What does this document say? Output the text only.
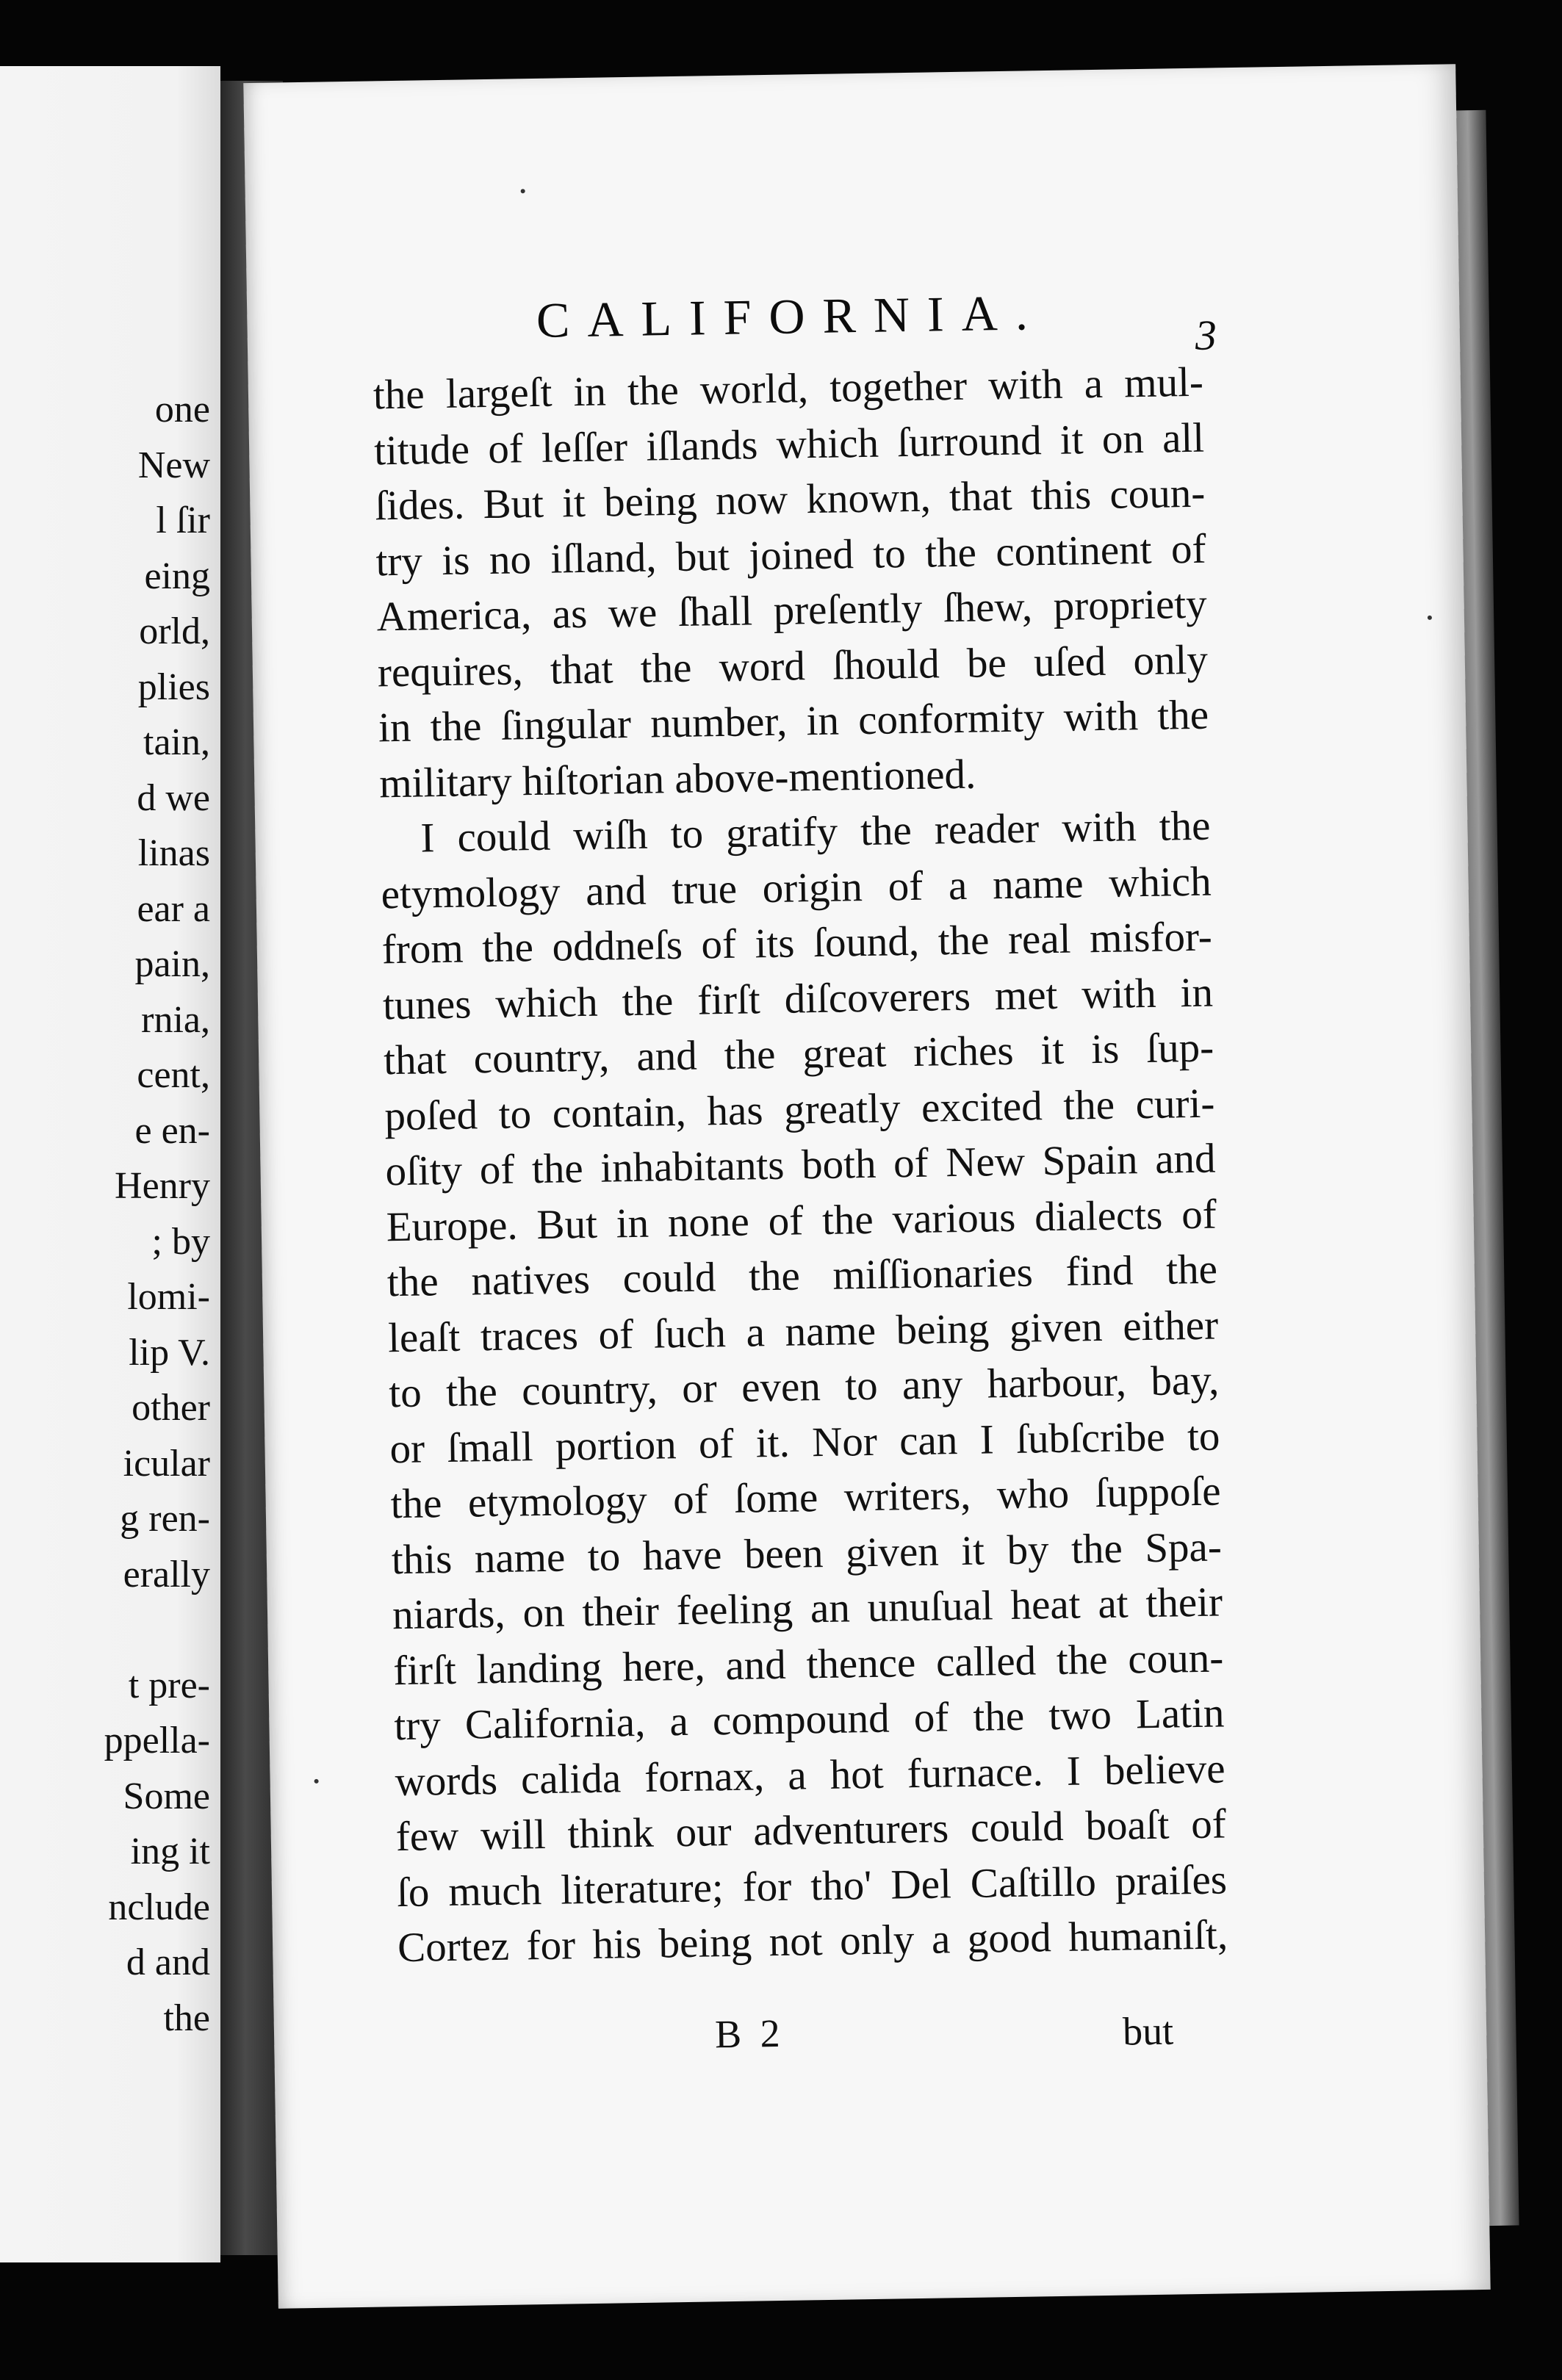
one
New
l ſir
eing
orld,
plies
tain,
d we
linas
ear a
pain,
rnia,
cent,
e en-
Henry
; by
lomi-
lip V.
other
icular
g ren-
erally
t pre-
ppella-
Some
ing it
nclude
d and
the
CALIFORNIA.	3
the largeſt in the world, together with a mul-
titude of leſſer iſlands which ſurround it on all
ſides. But it being now known, that this coun-
try is no iſland, but joined to the continent of
America, as we ſhall preſently ſhew, propriety
requires, that the word ſhould be uſed only
in the ſingular number, in conformity with the
military hiſtorian above-mentioned.
I could wiſh to gratify the reader with the
etymology and true origin of a name which
from the oddneſs of its ſound, the real misfor-
tunes which the firſt diſcoverers met with in
that country, and the great riches it is ſup-
poſed to contain, has greatly excited the curi-
oſity of the inhabitants both of New Spain and
Europe. But in none of the various dialects of
the natives could the miſſionaries find the
leaſt traces of ſuch a name being given either
to the country, or even to any harbour, bay,
or ſmall portion of it. Nor can I ſubſcribe to
the etymology of ſome writers, who ſuppoſe
this name to have been given it by the Spa-
niards, on their feeling an unuſual heat at their
firſt landing here, and thence called the coun-
try California, a compound of the two Latin
words calida fornax, a hot furnace. I believe
few will think our adventurers could boaſt of
ſo much literature; for tho' Del Caſtillo praiſes
Cortez for his being not only a good humaniſt,
B 2	but
